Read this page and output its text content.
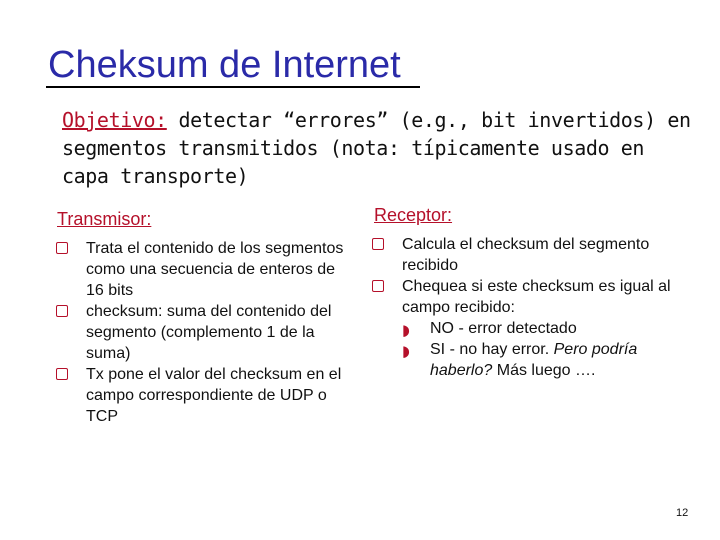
Cheksum de Internet
Objetivo: detectar “errores” (e.g., bit invertidos) en segmentos transmitidos (nota: típicamente usado en capa transporte)
Transmisor:
Trata el contenido de los segmentos como una secuencia de enteros de 16 bits
checksum: suma del contenido del segmento (complemento 1 de la suma)
Tx pone el valor del checksum en el campo correspondiente de UDP o TCP
Receptor:
Calcula el checksum del segmento recibido
Chequea si este checksum es igual al campo recibido:
◗ NO - error detectado
◗ SI - no hay error. Pero podría haberlo? Más luego ….
12
